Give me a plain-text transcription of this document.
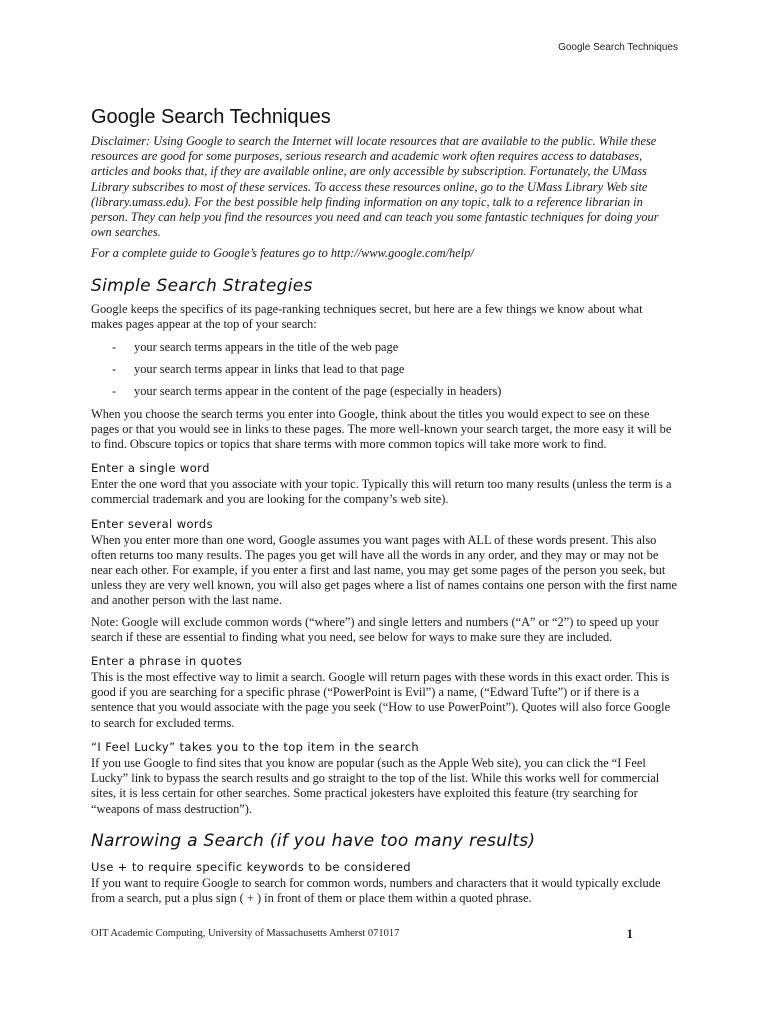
Google Search Techniques
Google Search Techniques

Disclaimer: Using Google to search the Internet will locate resources that are available to the public. While these resources are good for some purposes, serious research and academic work often requires access to databases, articles and books that, if they are available online, are only accessible by subscription. Fortunately, the UMass Library subscribes to most of these services. To access these resources online, go to the UMass Library Web site (library.umass.edu). For the best possible help finding information on any topic, talk to a reference librarian in person. They can help you find the resources you need and can teach you some fantastic techniques for doing your own searches.

For a complete guide to Google’s features go to http://www.google.com/help/

Simple Search Strategies

Google keeps the specifics of its page-ranking techniques secret, but here are a few things we know about what makes pages appear at the top of your search:

- your search terms appears in the title of the web page
- your search terms appear in links that lead to that page
- your search terms appear in the content of the page (especially in headers)

When you choose the search terms you enter into Google, think about the titles you would expect to see on these pages or that you would see in links to these pages. The more well-known your search target, the more easy it will be to find. Obscure topics or topics that share terms with more common topics will take more work to find.

Enter a single word

Enter the one word that you associate with your topic. Typically this will return too many results (unless the term is a commercial trademark and you are looking for the company’s web site).

Enter several words

When you enter more than one word, Google assumes you want pages with ALL of these words present. This also often returns too many results. The pages you get will have all the words in any order, and they may or may not be near each other. For example, if you enter a first and last name, you may get some pages of the person you seek, but unless they are very well known, you will also get pages where a list of names contains one person with the first name and another person with the last name.

Note: Google will exclude common words (“where”) and single letters and numbers (“A” or “2”) to speed up your search if these are essential to finding what you need, see below for ways to make sure they are included.

Enter a phrase in quotes

This is the most effective way to limit a search. Google will return pages with these words in this exact order. This is good if you are searching for a specific phrase (“PowerPoint is Evil”) a name, (“Edward Tufte”) or if there is a sentence that you would associate with the page you seek (“How to use PowerPoint”). Quotes will also force Google to search for excluded terms.

“I Feel Lucky” takes you to the top item in the search

If you use Google to find sites that you know are popular (such as the Apple Web site), you can click the “I Feel Lucky” link to bypass the search results and go straight to the top of the list. While this works well for commercial sites, it is less certain for other searches. Some practical jokesters have exploited this feature (try searching for “weapons of mass destruction”).

Narrowing a Search (if you have too many results)
Use + to require specific keywords to be considered

If you want to require Google to search for common words, numbers and characters that it would typically exclude from a search, put a plus sign ( + ) in front of them or place them within a quoted phrase.

OIT Academic Computing, University of Massachusetts Amherst 071017	1
